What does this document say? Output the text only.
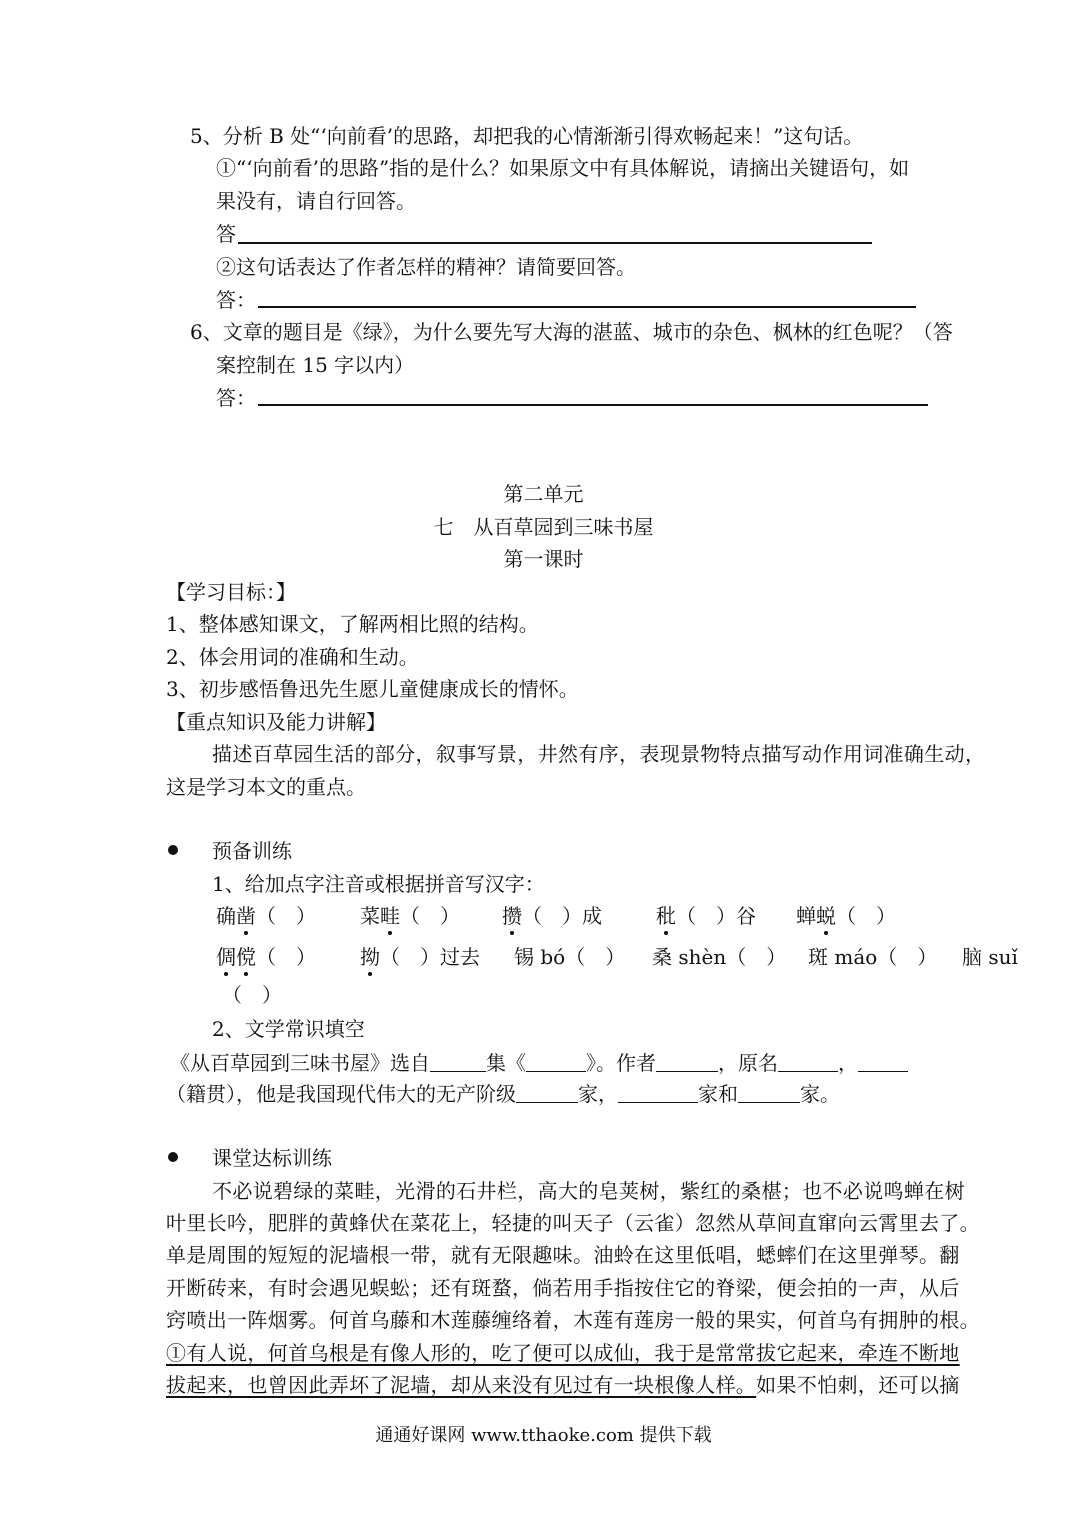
5、分析 B 处“‘向前看’的思路，却把我的心情渐渐引得欢畅起来！”这句话。
①“‘向前看’的思路”指的是什么？如果原文中有具体解说，请摘出关键语句，如
果没有，请自行回答。
答
②这句话表达了作者怎样的精神？请简要回答。
答：
6、文章的题目是《绿》，为什么要先写大海的湛蓝、城市的杂色、枫林的红色呢？（答
案控制在 15 字以内）
答：
第二单元
七　从百草园到三味书屋
第一课时
【学习目标：】
1、整体感知课文，了解两相比照的结构。
2、体会用词的准确和生动。
3、初步感悟鲁迅先生愿儿童健康成长的情怀。
【重点知识及能力讲解】
描述百草园生活的部分，叙事写景，井然有序，表现景物特点描写动作用词准确生动，
这是学习本文的重点。
预备训练
1、给加点字注音或根据拼音写汉字：
确凿（　） 菜畦（　） 攒（　）成	秕（　）谷 蝉蜕（　）
倜傥（　） 拗（　）过去 锡 bó（　） 桑 shèn（　） 斑 máo（　） 脑 suǐ
（　）
2、文学常识填空
《从百草园到三味书屋》选自	集《	》。作者	，原名	，
（籍贯），他是我国现代伟大的无产阶级	家，	家和	家。
课堂达标训练
不必说碧绿的菜畦，光滑的石井栏，高大的皂荚树，紫红的桑椹；也不必说鸣蝉在树
叶里长吟，肥胖的黄蜂伏在菜花上，轻捷的叫天子（云雀）忽然从草间直窜向云霄里去了。
单是周围的短短的泥墙根一带，就有无限趣味。油蛉在这里低唱，蟋蟀们在这里弹琴。翻
开断砖来，有时会遇见蜈蚣；还有斑蝥，倘若用手指按住它的脊梁，便会拍的一声，从后
窍喷出一阵烟雾。何首乌藤和木莲藤缠络着，木莲有莲房一般的果实，何首乌有拥肿的根。
①有人说，何首乌根是有像人形的，吃了便可以成仙，我于是常常拔它起来，牵连不断地
拔起来，也曾因此弄坏了泥墙，却从来没有见过有一块根像人样。如果不怕刺，还可以摘
通通好课网 www.tthaoke.com 提供下载
